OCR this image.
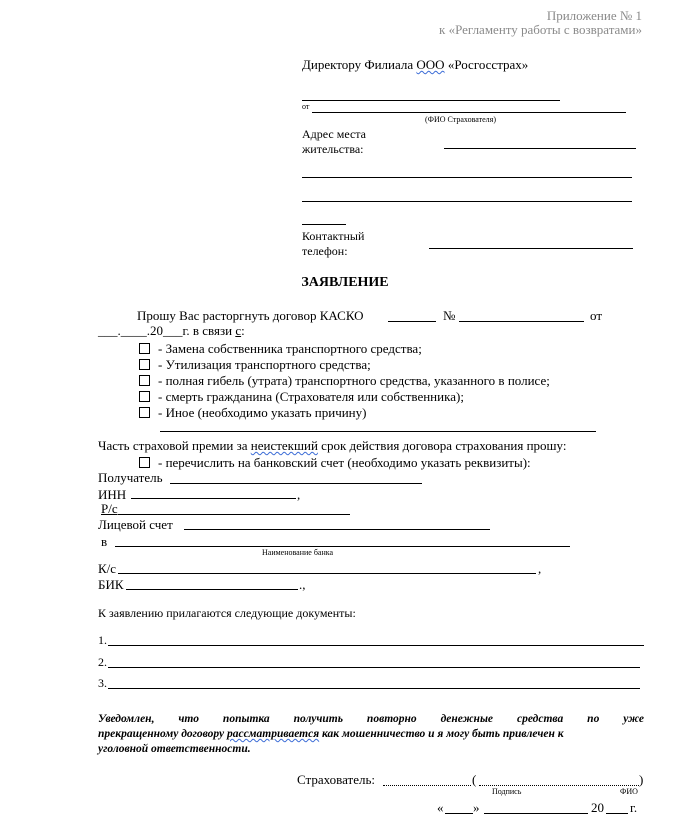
Приложение № 1
к «Регламенту работы с возвратами»
Директору Филиала ООО «Росгосстрах»
от
(ФИО Страхователя)
Адрес места
жительства:
Контактный
телефон:
ЗАЯВЛЕНИЕ
Прошу Вас расторгнуть договор КАСКО	№	от
___.____.20___г. в связи с:
- Замена собственника транспортного средства;
- Утилизация транспортного средства;
- полная гибель (утрата) транспортного средства, указанного в полисе;
- смерть гражданина (Страхователя или собственника);
- Иное (необходимо указать причину)
Часть страховой премии за неистекший срок действия договора страхования прошу:
- перечислить на банковский счет (необходимо указать реквизиты):
Получатель
ИНН	,
Р/с
Лицевой счет
в
Наименование банка
К/с	,
БИК	.,
К заявлению прилагаются следующие документы:
1.
2.
3.
Уведомлен, что попытка получить повторно денежные средства по уже
прекращенному договору рассматривается как мошенничество и я могу быть привлечен к
уголовной ответственности.
Страхователь:	(	)
Подпись	ФИО
« »	20 г.
